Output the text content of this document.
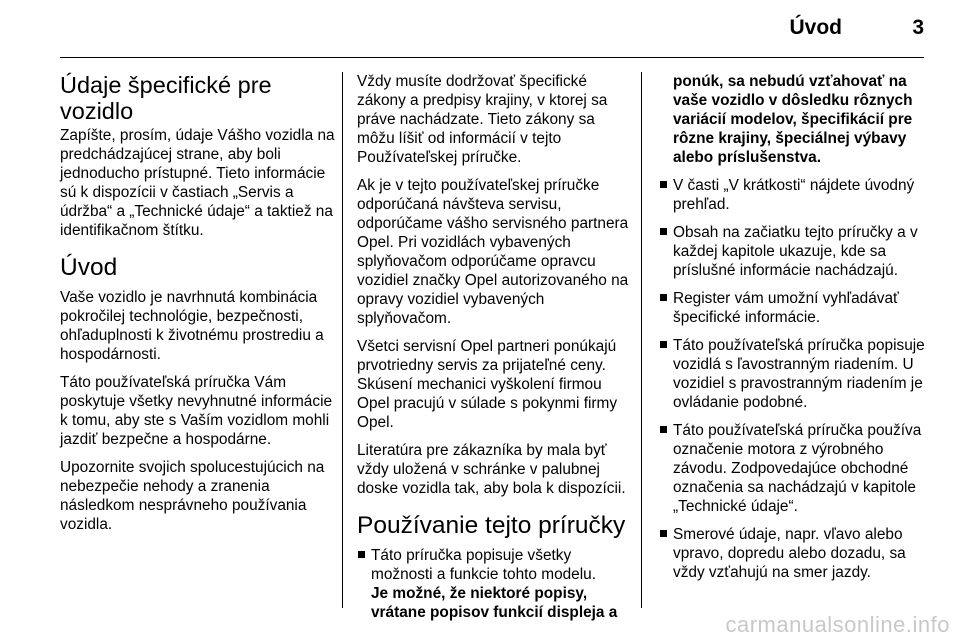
Úvod	3
Údaje špecifické pre vozidlo

Zapíšte, prosím, údaje Vášho vozidla na predchádzajúcej strane, aby boli jednoducho prístupné. Tieto informácie sú k dispozícii v častiach „Servis a údržba“ a „Technické údaje“ a taktiež na identifikačnom štítku.

Úvod

Vaše vozidlo je navrhnutá kombinácia pokročilej technológie, bezpečnosti, ohľaduplnosti k životnému prostrediu a hospodárnosti.

Táto používateľská príručka Vám poskytuje všetky nevyhnutné informácie k tomu, aby ste s Vaším vozidlom mohli jazdiť bezpečne a hospodárne.

Upozornite svojich spolucestujúcich na nebezpečie nehody a zranenia následkom nesprávneho používania vozidla.

Vždy musíte dodržovať špecifické zákony a predpisy krajiny, v ktorej sa práve nachádzate. Tieto zákony sa môžu líšiť od informácií v tejto Používateľskej príručke.

Ak je v tejto používateľskej príručke odporúčaná návšteva servisu, odporúčame vášho servisného partnera Opel. Pri vozidlách vybavených splyňovačom odporúčame opravcu vozidiel značky Opel autorizovaného na opravy vozidiel vybavených splyňovačom.

Všetci servisní Opel partneri ponúkajú prvotriedny servis za prijateľné ceny. Skúsení mechanici vyškolení firmou Opel pracujú v súlade s pokynmi firmy Opel.

Literatúra pre zákazníka by mala byť vždy uložená v schránke v palubnej doske vozidla tak, aby bola k dispozícii.

Používanie tejto príručky
Táto príručka popisuje všetky možnosti a funkcie tohto modelu.
Je možné, že niektoré popisy, vrátane popisov funkcií displeja a

ponúk, sa nebudú vzťahovať na vaše vozidlo v dôsledku rôznych variácií modelov, špecifikácií pre rôzne krajiny, špeciálnej výbavy alebo príslušenstva.

V časti „V krátkosti“ nájdete úvodný prehľad.
Obsah na začiatku tejto príručky a v každej kapitole ukazuje, kde sa príslušné informácie nachádzajú.
Register vám umožní vyhľadávať špecifické informácie.
Táto používateľská príručka popisuje vozidlá s ľavostranným riadením. U vozidiel s pravostranným riadením je ovládanie podobné.
Táto používateľská príručka používa označenie motora z výrobného závodu. Zodpovedajúce obchodné označenia sa nachádzajú v kapitole „Technické údaje“.
Smerové údaje, napr. vľavo alebo vpravo, dopredu alebo dozadu, sa vždy vzťahujú na smer jazdy.
carmanualsonline.info
